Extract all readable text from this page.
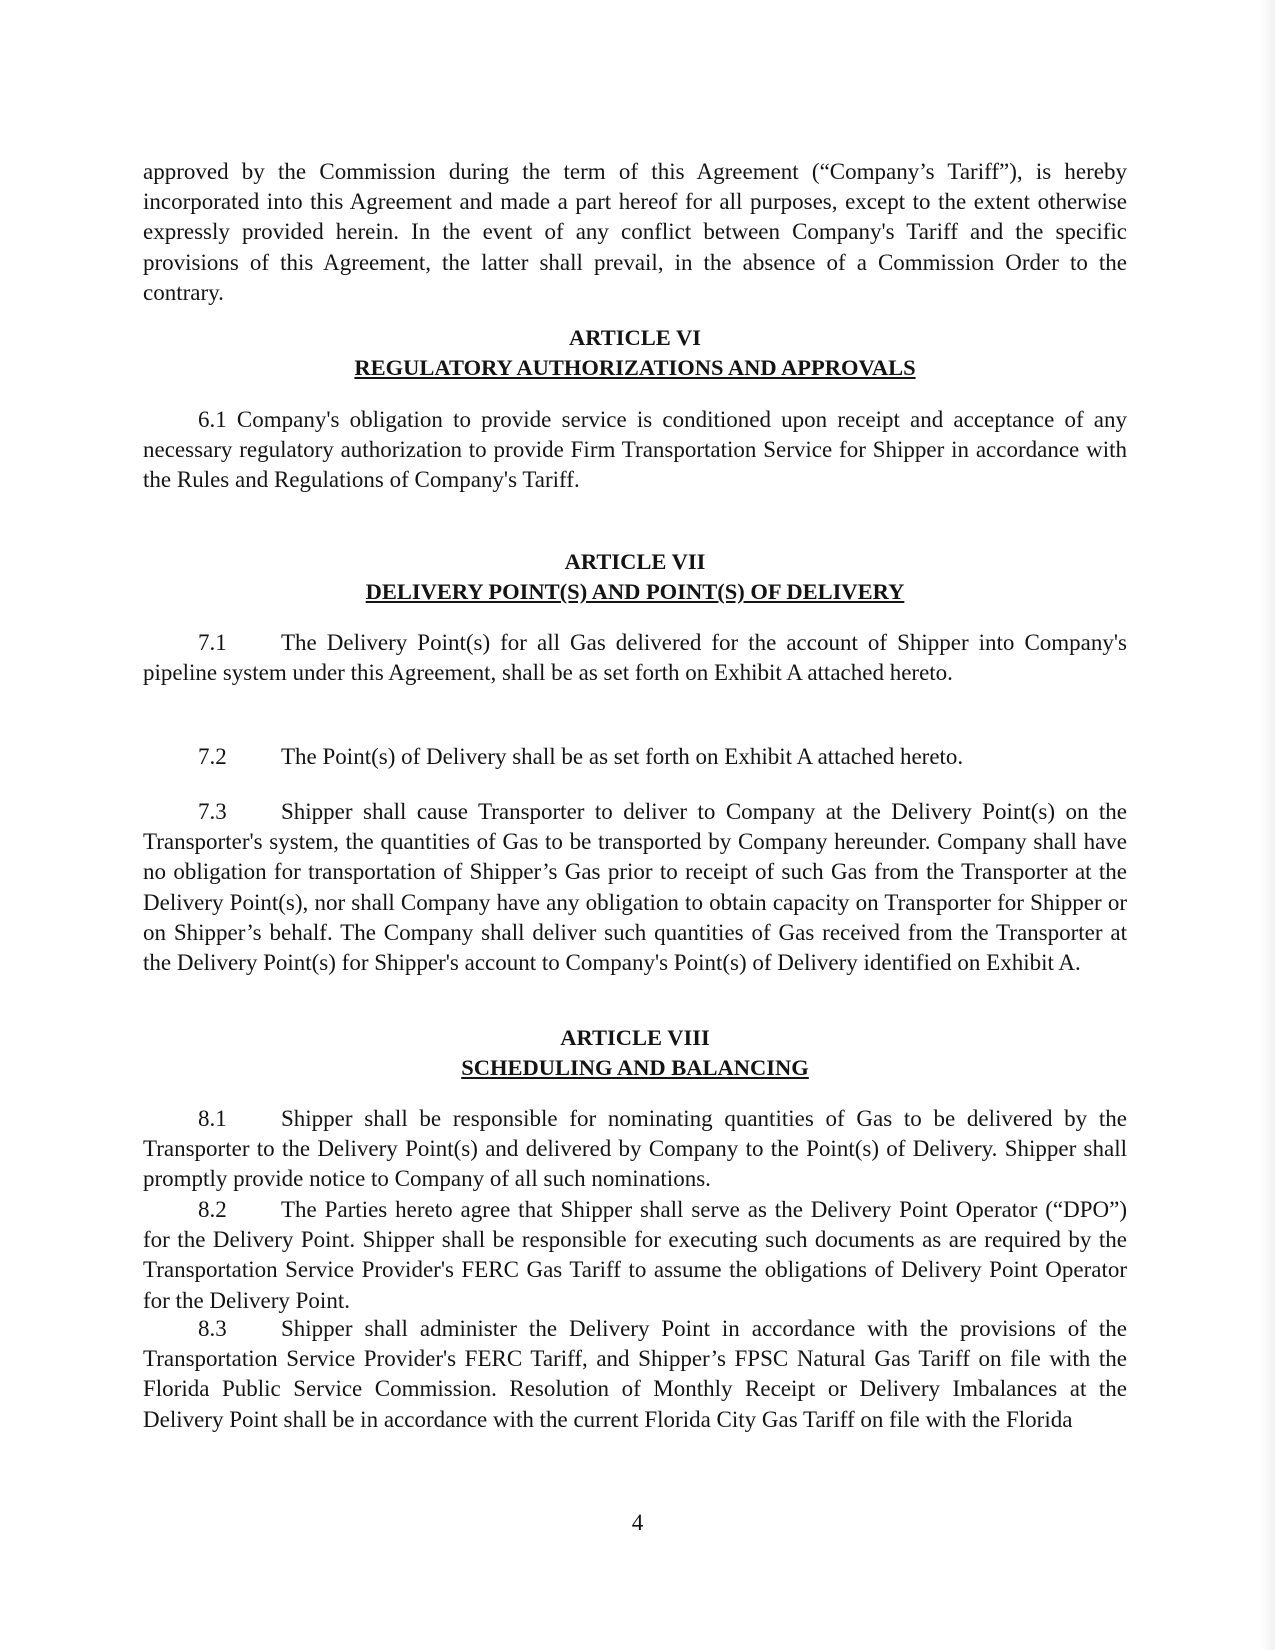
approved by the Commission during the term of this Agreement (“Company’s Tariff”), is hereby incorporated into this Agreement and made a part hereof for all purposes, except to the extent otherwise expressly provided herein. In the event of any conflict between Company's Tariff and the specific provisions of this Agreement, the latter shall prevail, in the absence of a Commission Order to the contrary.

ARTICLE VI
REGULATORY AUTHORIZATIONS AND APPROVALS

6.1 Company's obligation to provide service is conditioned upon receipt and acceptance of any necessary regulatory authorization to provide Firm Transportation Service for Shipper in accordance with the Rules and Regulations of Company's Tariff.

ARTICLE VII
DELIVERY POINT(S) AND POINT(S) OF DELIVERY

7.1 The Delivery Point(s) for all Gas delivered for the account of Shipper into Company's pipeline system under this Agreement, shall be as set forth on Exhibit A attached hereto.

7.2 The Point(s) of Delivery shall be as set forth on Exhibit A attached hereto.

7.3 Shipper shall cause Transporter to deliver to Company at the Delivery Point(s) on the Transporter's system, the quantities of Gas to be transported by Company hereunder. Company shall have no obligation for transportation of Shipper’s Gas prior to receipt of such Gas from the Transporter at the Delivery Point(s), nor shall Company have any obligation to obtain capacity on Transporter for Shipper or on Shipper’s behalf. The Company shall deliver such quantities of Gas received from the Transporter at the Delivery Point(s) for Shipper's account to Company's Point(s) of Delivery identified on Exhibit A.

ARTICLE VIII
SCHEDULING AND BALANCING

8.1 Shipper shall be responsible for nominating quantities of Gas to be delivered by the Transporter to the Delivery Point(s) and delivered by Company to the Point(s) of Delivery. Shipper shall promptly provide notice to Company of all such nominations.

8.2 The Parties hereto agree that Shipper shall serve as the Delivery Point Operator (“DPO”) for the Delivery Point. Shipper shall be responsible for executing such documents as are required by the Transportation Service Provider's FERC Gas Tariff to assume the obligations of Delivery Point Operator for the Delivery Point.

8.3 Shipper shall administer the Delivery Point in accordance with the provisions of the Transportation Service Provider's FERC Tariff, and Shipper’s FPSC Natural Gas Tariff on file with the Florida Public Service Commission. Resolution of Monthly Receipt or Delivery Imbalances at the Delivery Point shall be in accordance with the current Florida City Gas Tariff on file with the Florida

4
